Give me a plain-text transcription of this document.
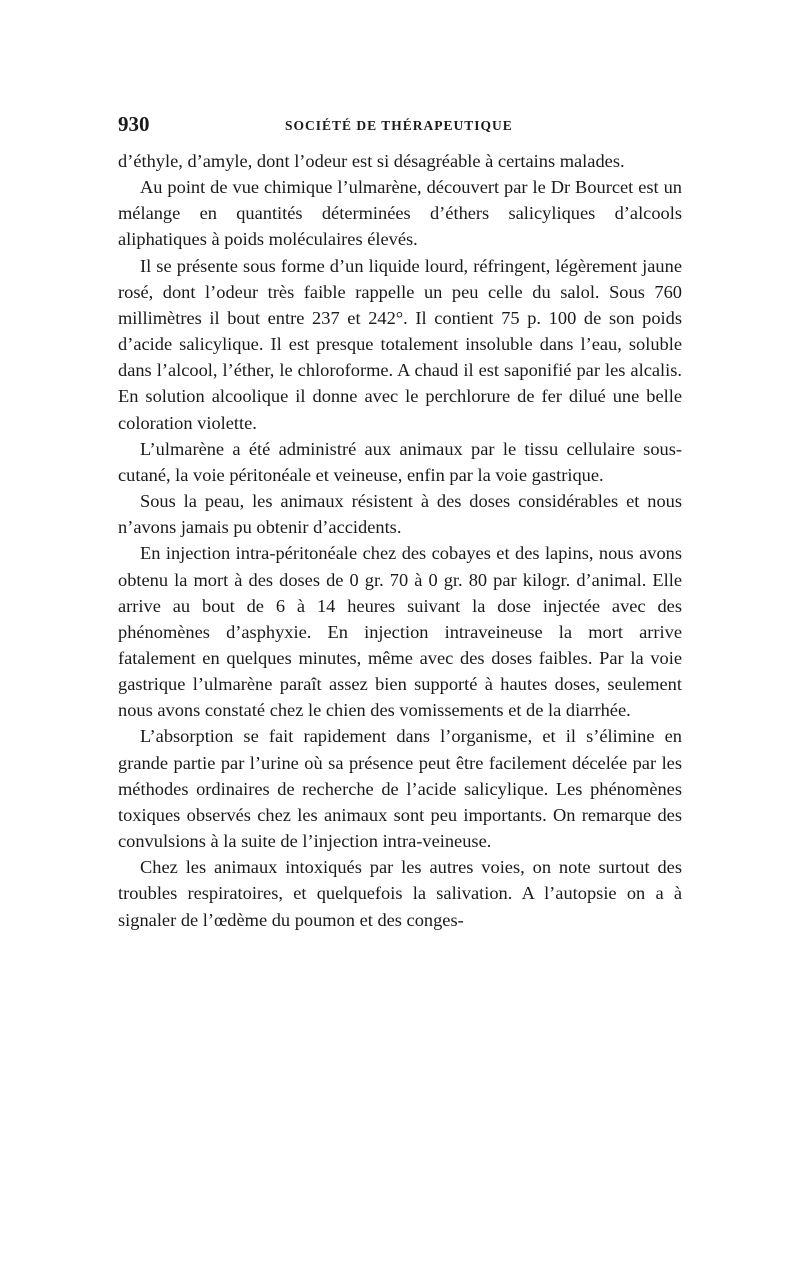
930	SOCIÉTÉ DE THÉRAPEUTIQUE

d’éthyle, d’amyle, dont l’odeur est si désagréable à certains malades.

Au point de vue chimique l’ulmarène, découvert par le Dr Bourcet est un mélange en quantités déterminées d’éthers salicyliques d’alcools aliphatiques à poids moléculaires élevés.

Il se présente sous forme d’un liquide lourd, réfringent, légèrement jaune rosé, dont l’odeur très faible rappelle un peu celle du salol. Sous 760 millimètres il bout entre 237 et 242°. Il contient 75 p. 100 de son poids d’acide salicylique. Il est presque totalement insoluble dans l’eau, soluble dans l’alcool, l’éther, le chloroforme. A chaud il est saponifié par les alcalis. En solution alcoolique il donne avec le perchlorure de fer dilué une belle coloration violette.

L’ulmarène a été administré aux animaux par le tissu cellulaire sous-cutané, la voie péritonéale et veineuse, enfin par la voie gastrique.

Sous la peau, les animaux résistent à des doses considérables et nous n’avons jamais pu obtenir d’accidents.

En injection intra-péritonéale chez des cobayes et des lapins, nous avons obtenu la mort à des doses de 0 gr. 70 à 0 gr. 80 par kilogr. d’animal. Elle arrive au bout de 6 à 14 heures suivant la dose injectée avec des phénomènes d’asphyxie. En injection intraveineuse la mort arrive fatalement en quelques minutes, même avec des doses faibles. Par la voie gastrique l’ulmarène paraît assez bien supporté à hautes doses, seulement nous avons constaté chez le chien des vomissements et de la diarrhée.

L’absorption se fait rapidement dans l’organisme, et il s’élimine en grande partie par l’urine où sa présence peut être facilement décelée par les méthodes ordinaires de recherche de l’acide salicylique. Les phénomènes toxiques observés chez les animaux sont peu importants. On remarque des convulsions à la suite de l’injection intra-veineuse.

Chez les animaux intoxiqués par les autres voies, on note surtout des troubles respiratoires, et quelquefois la salivation. A l’autopsie on a à signaler de l’œdème du poumon et des conges-
